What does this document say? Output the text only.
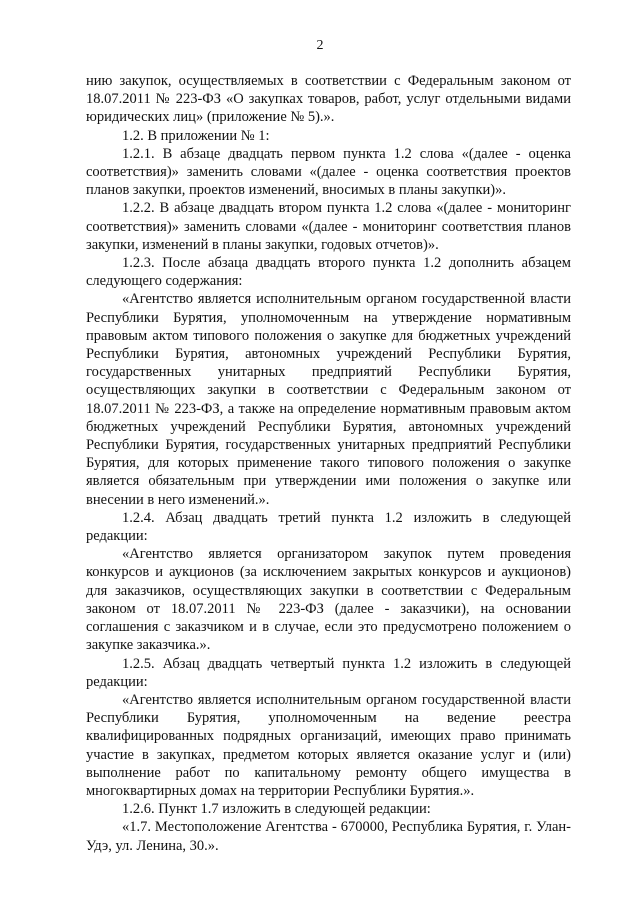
2

нию закупок, осуществляемых в соответствии с Федеральным законом от 18.07.2011 № 223-ФЗ «О закупках товаров, работ, услуг отдельными видами юридических лиц» (приложение № 5).».

1.2. В приложении № 1:

1.2.1. В абзаце двадцать первом пункта 1.2 слова «(далее - оценка соответствия)» заменить словами «(далее - оценка соответствия проектов планов закупки, проектов изменений, вносимых в планы закупки)».

1.2.2. В абзаце двадцать втором пункта 1.2 слова «(далее - мониторинг соответствия)» заменить словами «(далее - мониторинг соответствия планов закупки, изменений в планы закупки, годовых отчетов)».

1.2.3. После абзаца двадцать второго пункта 1.2 дополнить абзацем следующего содержания:

«Агентство является исполнительным органом государственной власти Республики Бурятия, уполномоченным на утверждение нормативным правовым актом типового положения о закупке для бюджетных учреждений Республики Бурятия, автономных учреждений Республики Бурятия, государственных унитарных предприятий Республики Бурятия, осуществляющих закупки в соответствии с Федеральным законом от 18.07.2011 № 223-ФЗ, а также на определение нормативным правовым актом бюджетных учреждений Республики Бурятия, автономных учреждений Республики Бурятия, государственных унитарных предприятий Республики Бурятия, для которых применение такого типового положения о закупке является обязательным при утверждении ими положения о закупке или внесении в него изменений.».

1.2.4. Абзац двадцать третий пункта 1.2 изложить в следующей редакции:

«Агентство является организатором закупок путем проведения конкурсов и аукционов (за исключением закрытых конкурсов и аукционов) для заказчиков, осуществляющих закупки в соответствии с Федеральным законом от 18.07.2011 № 223-ФЗ (далее - заказчики), на основании соглашения с заказчиком и в случае, если это предусмотрено положением о закупке заказчика.».

1.2.5. Абзац двадцать четвертый пункта 1.2 изложить в следующей редакции:

«Агентство является исполнительным органом государственной власти Республики Бурятия, уполномоченным на ведение реестра квалифицированных подрядных организаций, имеющих право принимать участие в закупках, предметом которых является оказание услуг и (или) выполнение работ по капитальному ремонту общего имущества в многоквартирных домах на территории Республики Бурятия.».

1.2.6. Пункт 1.7 изложить в следующей редакции:

«1.7. Местоположение Агентства - 670000, Республика Бурятия, г. Улан-Удэ, ул. Ленина, 30.».
